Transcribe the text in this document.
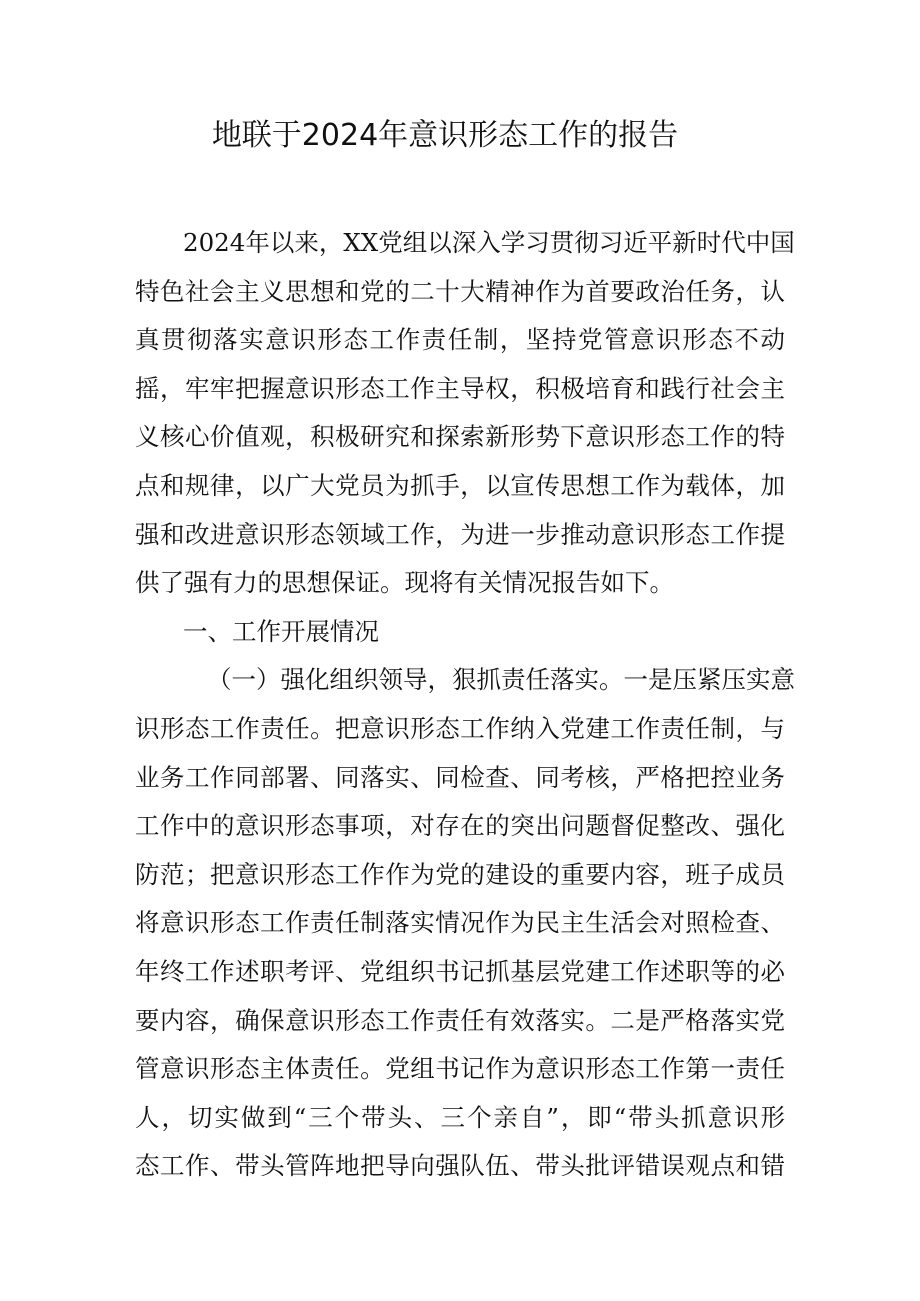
地联于2024年意识形态工作的报告
2024年以来，XX党组以深入学习贯彻习近平新时代中国
特色社会主义思想和党的二十大精神作为首要政治任务，认
真贯彻落实意识形态工作责任制，坚持党管意识形态不动
摇，牢牢把握意识形态工作主导权，积极培育和践行社会主
义核心价值观，积极研究和探索新形势下意识形态工作的特
点和规律，以广大党员为抓手，以宣传思想工作为载体，加
强和改进意识形态领域工作，为进一步推动意识形态工作提
供了强有力的思想保证。现将有关情况报告如下。
一、工作开展情况
（一）强化组织领导，狠抓责任落实。一是压紧压实意
识形态工作责任。把意识形态工作纳入党建工作责任制，与
业务工作同部署、同落实、同检查、同考核，严格把控业务
工作中的意识形态事项，对存在的突出问题督促整改、强化
防范；把意识形态工作作为党的建设的重要内容，班子成员
将意识形态工作责任制落实情况作为民主生活会对照检查、
年终工作述职考评、党组织书记抓基层党建工作述职等的必
要内容，确保意识形态工作责任有效落实。二是严格落实党
管意识形态主体责任。党组书记作为意识形态工作第一责任
人，切实做到“三个带头、三个亲自”，即“带头抓意识形
态工作、带头管阵地把导向强队伍、带头批评错误观点和错
